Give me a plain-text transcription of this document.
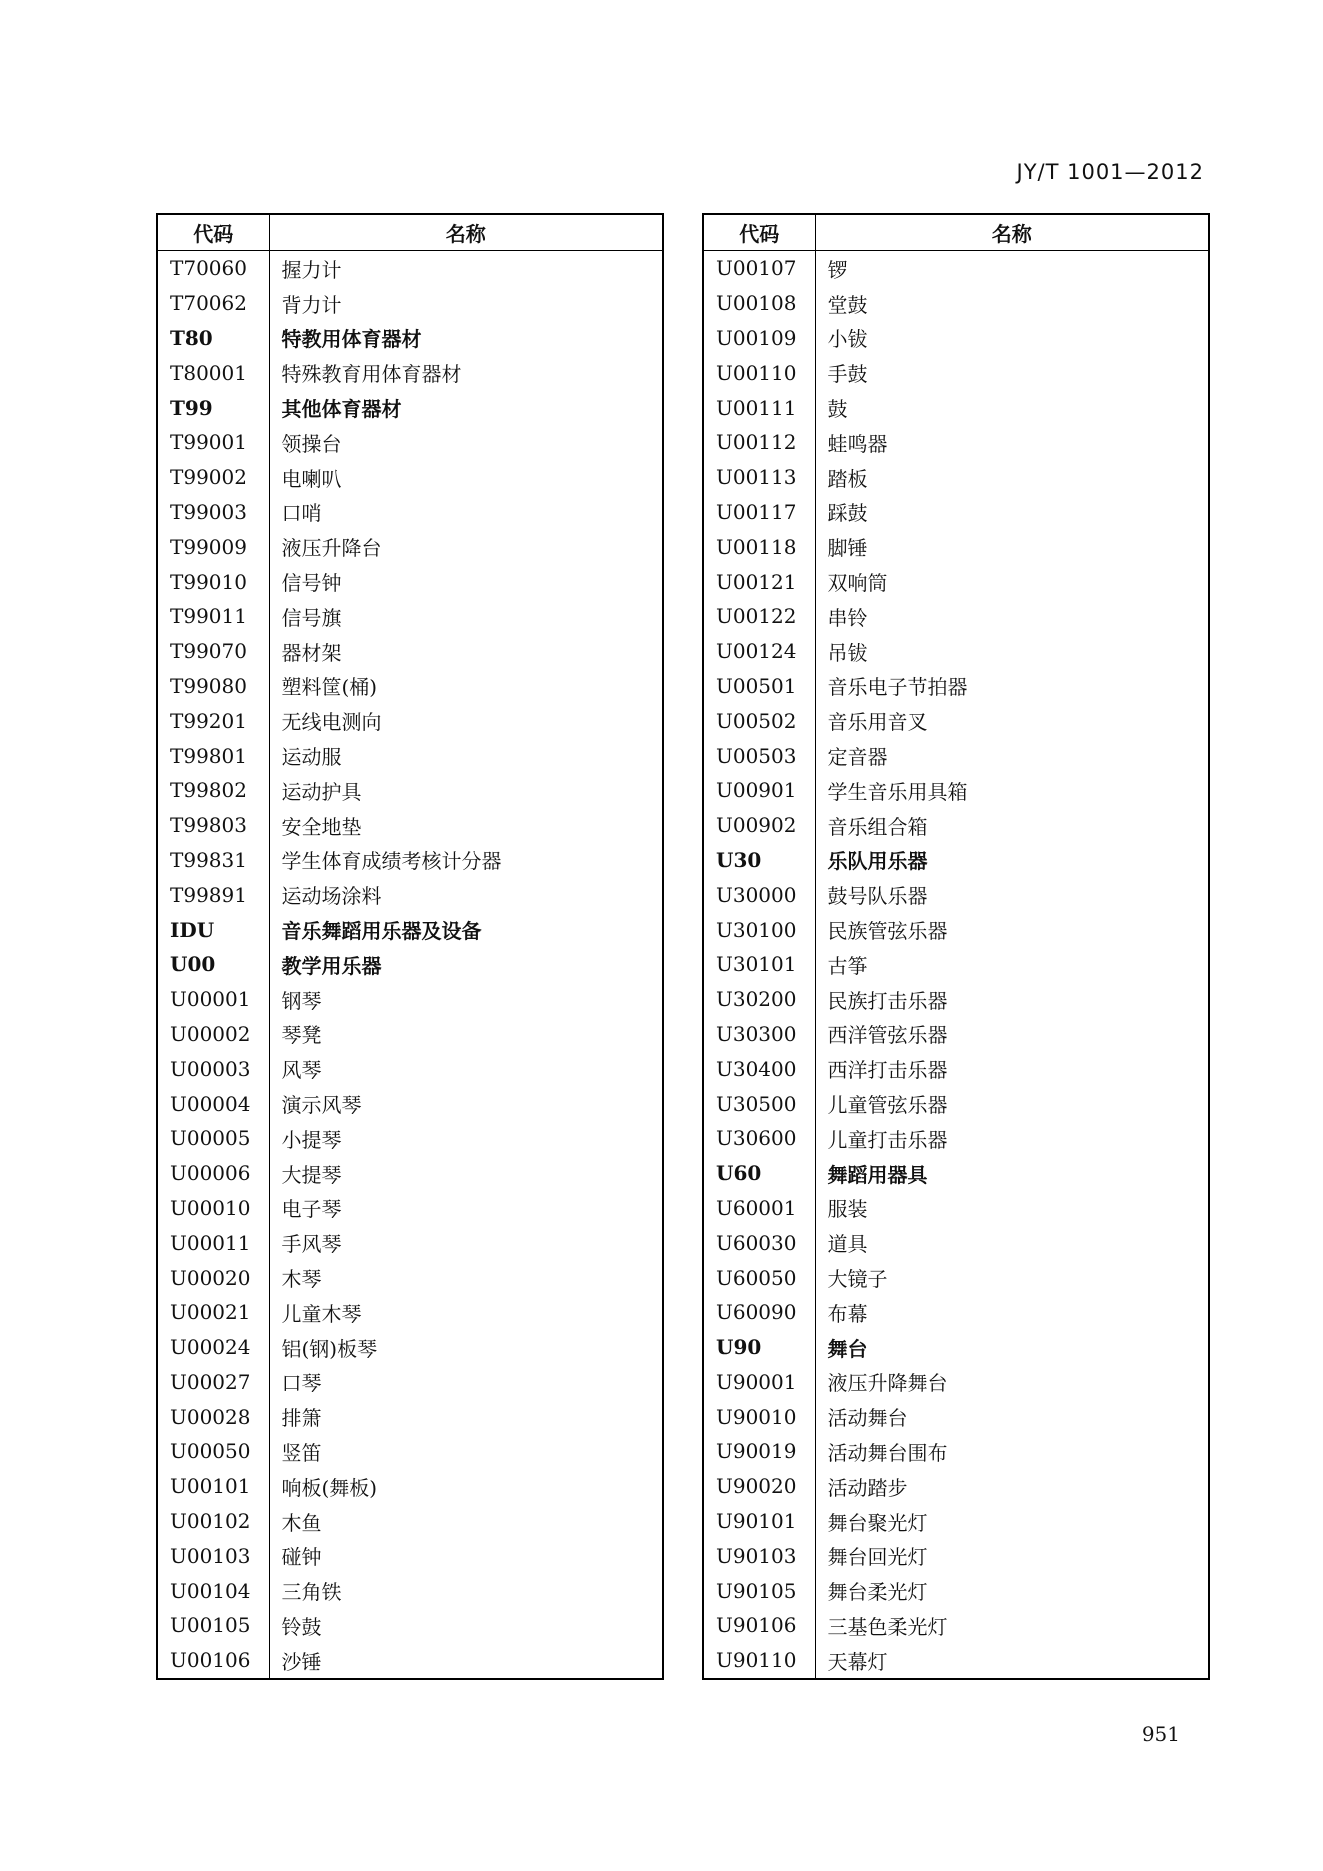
JY/T 1001—2012
代码	名称
T70060	握力计
T70062	背力计
T80	特教用体育器材
T80001	特殊教育用体育器材
T99	其他体育器材
T99001	领操台
T99002	电喇叭
T99003	口哨
T99009	液压升降台
T99010	信号钟
T99011	信号旗
T99070	器材架
T99080	塑料筐(桶)
T99201	无线电测向
T99801	运动服
T99802	运动护具
T99803	安全地垫
T99831	学生体育成绩考核计分器
T99891	运动场涂料
IDU	音乐舞蹈用乐器及设备
U00	教学用乐器
U00001	钢琴
U00002	琴凳
U00003	风琴
U00004	演示风琴
U00005	小提琴
U00006	大提琴
U00010	电子琴
U00011	手风琴
U00020	木琴
U00021	儿童木琴
U00024	铝(钢)板琴
U00027	口琴
U00028	排箫
U00050	竖笛
U00101	响板(舞板)
U00102	木鱼
U00103	碰钟
U00104	三角铁
U00105	铃鼓
U00106	沙锤
代码	名称
U00107	锣
U00108	堂鼓
U00109	小钹
U00110	手鼓
U00111	鼓
U00112	蛙鸣器
U00113	踏板
U00117	踩鼓
U00118	脚锤
U00121	双响筒
U00122	串铃
U00124	吊钹
U00501	音乐电子节拍器
U00502	音乐用音叉
U00503	定音器
U00901	学生音乐用具箱
U00902	音乐组合箱
U30	乐队用乐器
U30000	鼓号队乐器
U30100	民族管弦乐器
U30101	古筝
U30200	民族打击乐器
U30300	西洋管弦乐器
U30400	西洋打击乐器
U30500	儿童管弦乐器
U30600	儿童打击乐器
U60	舞蹈用器具
U60001	服装
U60030	道具
U60050	大镜子
U60090	布幕
U90	舞台
U90001	液压升降舞台
U90010	活动舞台
U90019	活动舞台围布
U90020	活动踏步
U90101	舞台聚光灯
U90103	舞台回光灯
U90105	舞台柔光灯
U90106	三基色柔光灯
U90110	天幕灯
951
